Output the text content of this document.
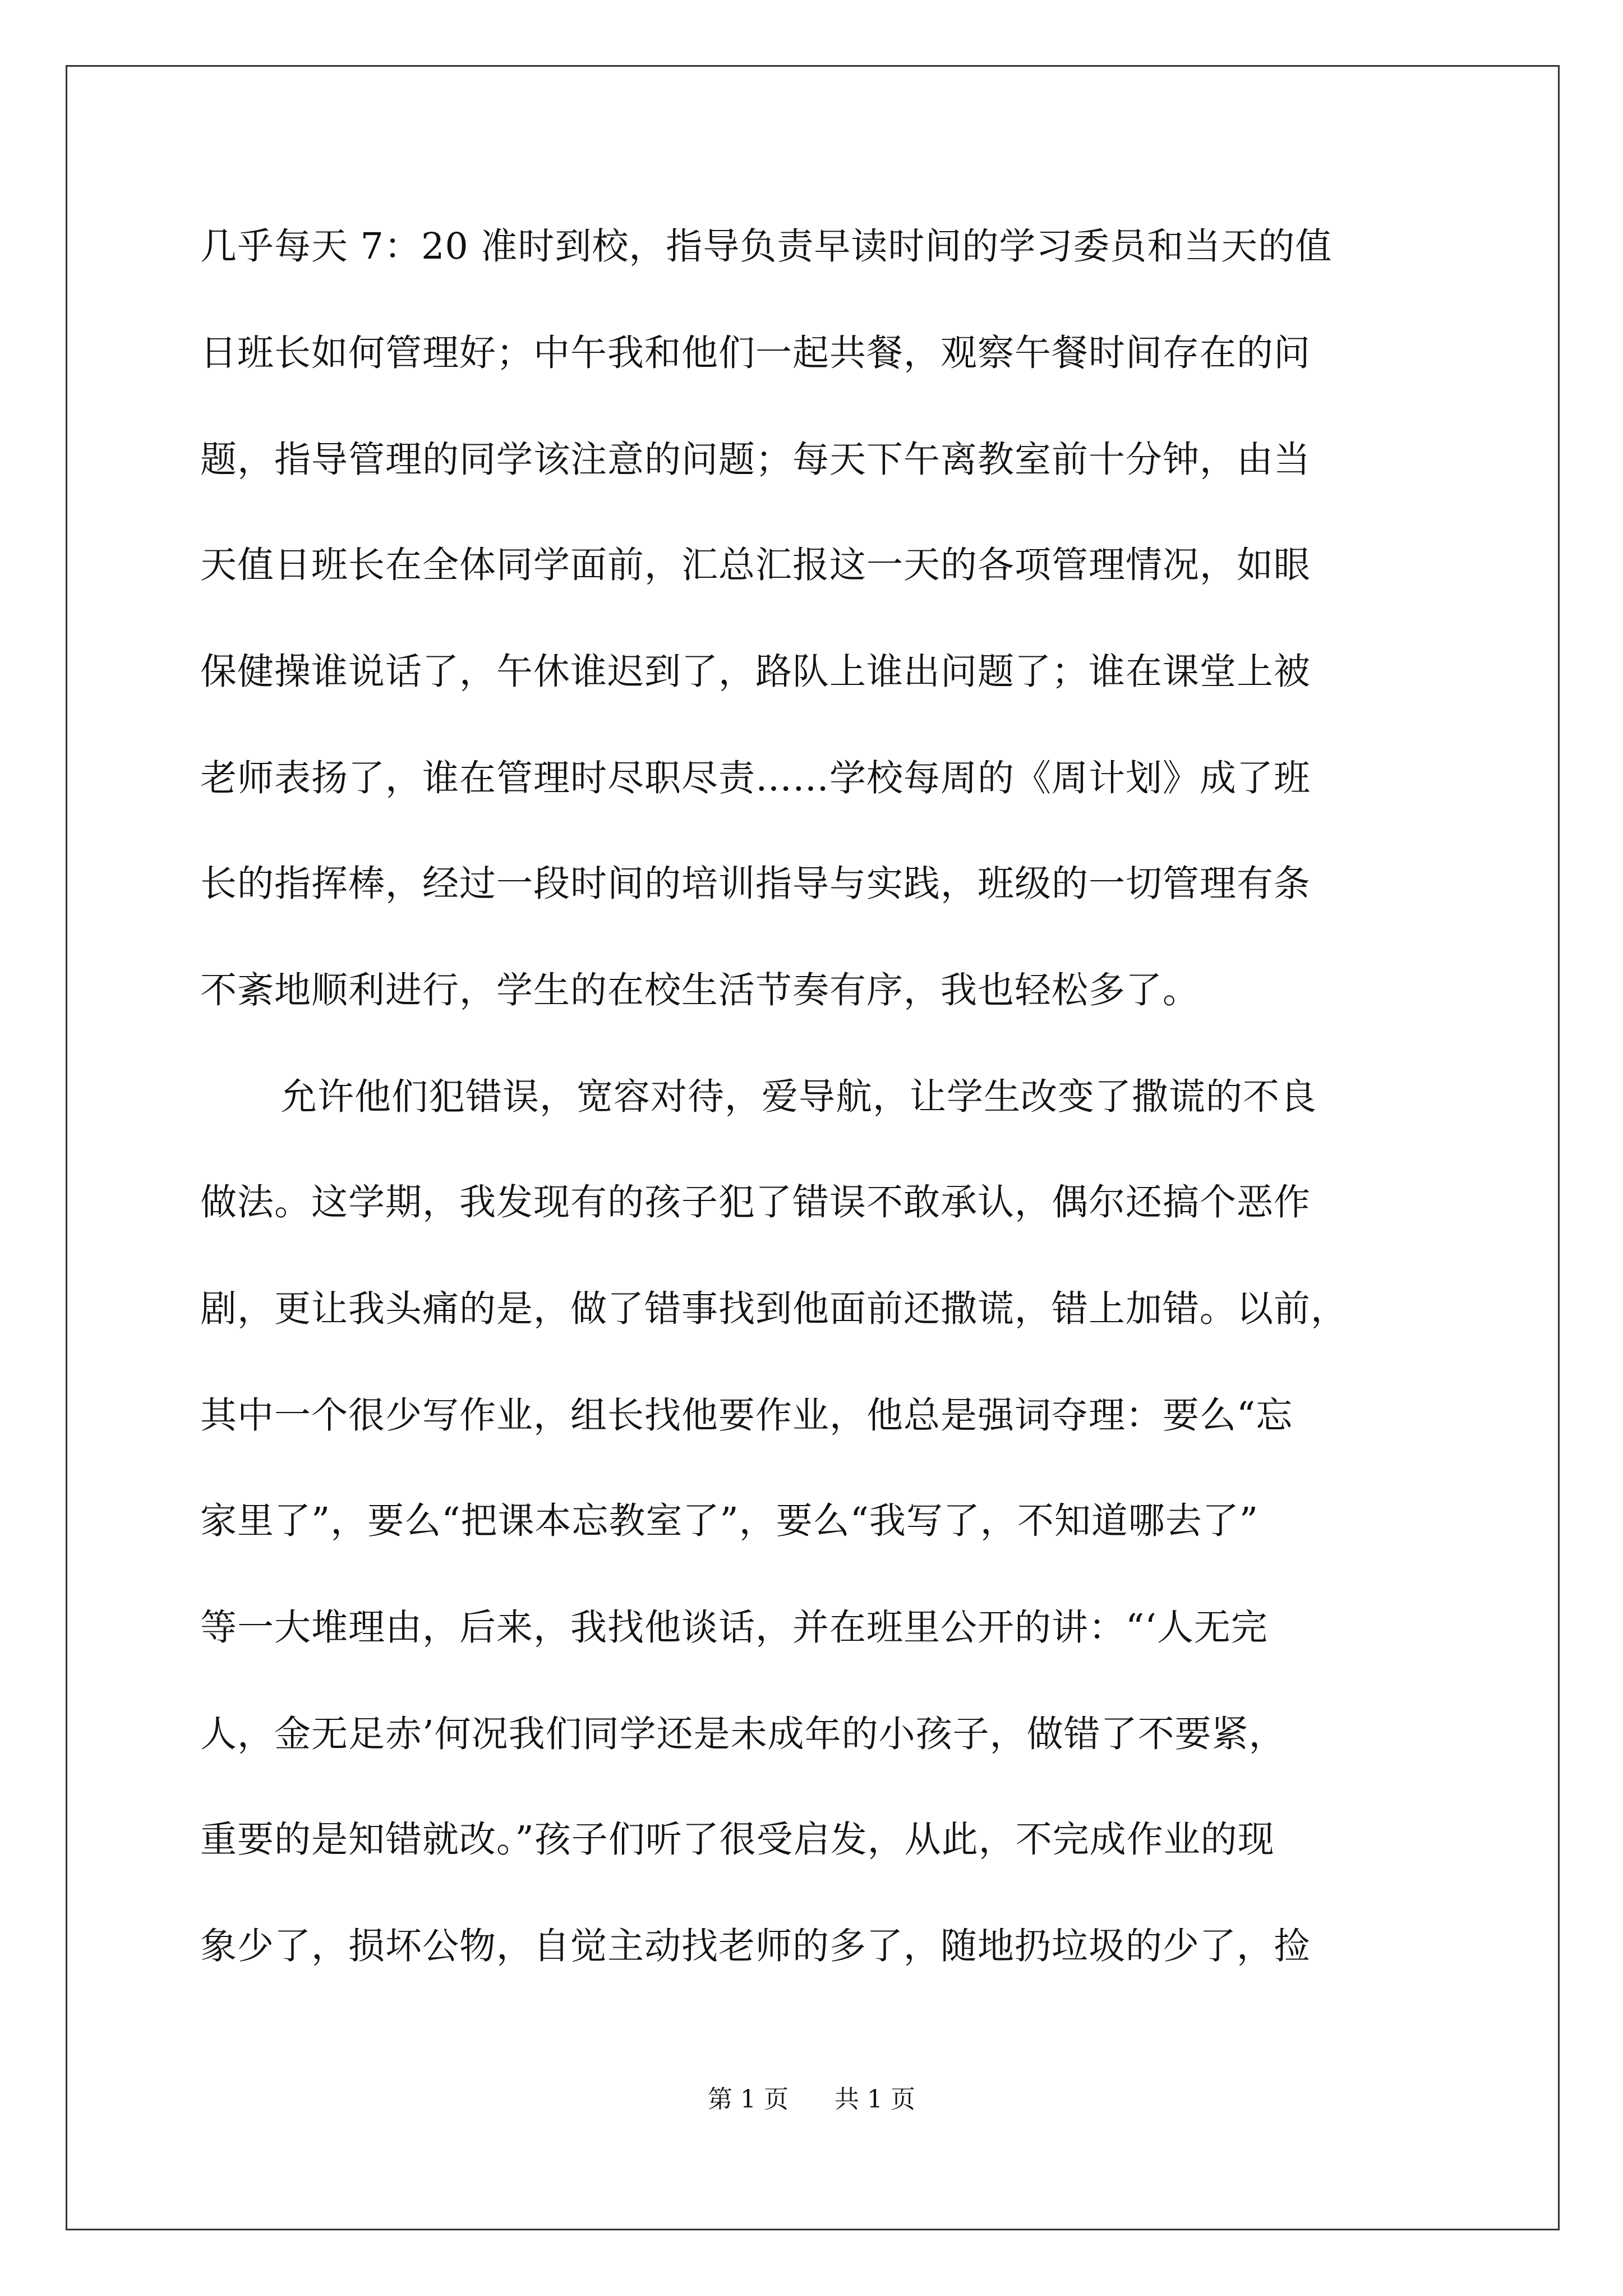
几乎每天 7：20 准时到校，指导负责早读时间的学习委员和当天的值
日班长如何管理好；中午我和他们一起共餐，观察午餐时间存在的问
题，指导管理的同学该注意的问题；每天下午离教室前十分钟，由当
天值日班长在全体同学面前，汇总汇报这一天的各项管理情况，如眼
保健操谁说话了，午休谁迟到了，路队上谁出问题了；谁在课堂上被
老师表扬了，谁在管理时尽职尽责……学校每周的《周计划》成了班
长的指挥棒，经过一段时间的培训指导与实践，班级的一切管理有条
不紊地顺利进行，学生的在校生活节奏有序，我也轻松多了。
允许他们犯错误，宽容对待，爱导航，让学生改变了撒谎的不良
做法。这学期，我发现有的孩子犯了错误不敢承认，偶尔还搞个恶作
剧，更让我头痛的是，做了错事找到他面前还撒谎，错上加错。以前，
其中一个很少写作业，组长找他要作业，他总是强词夺理：要么“忘
家里了”，要么“把课本忘教室了”，要么“我写了，不知道哪去了”
等一大堆理由，后来，我找他谈话，并在班里公开的讲：“‘人无完
人，金无足赤’何况我们同学还是未成年的小孩子，做错了不要紧，
重要的是知错就改。”孩子们听了很受启发，从此，不完成作业的现
象少了，损坏公物，自觉主动找老师的多了，随地扔垃圾的少了，捡
第 1 页 共 1 页
